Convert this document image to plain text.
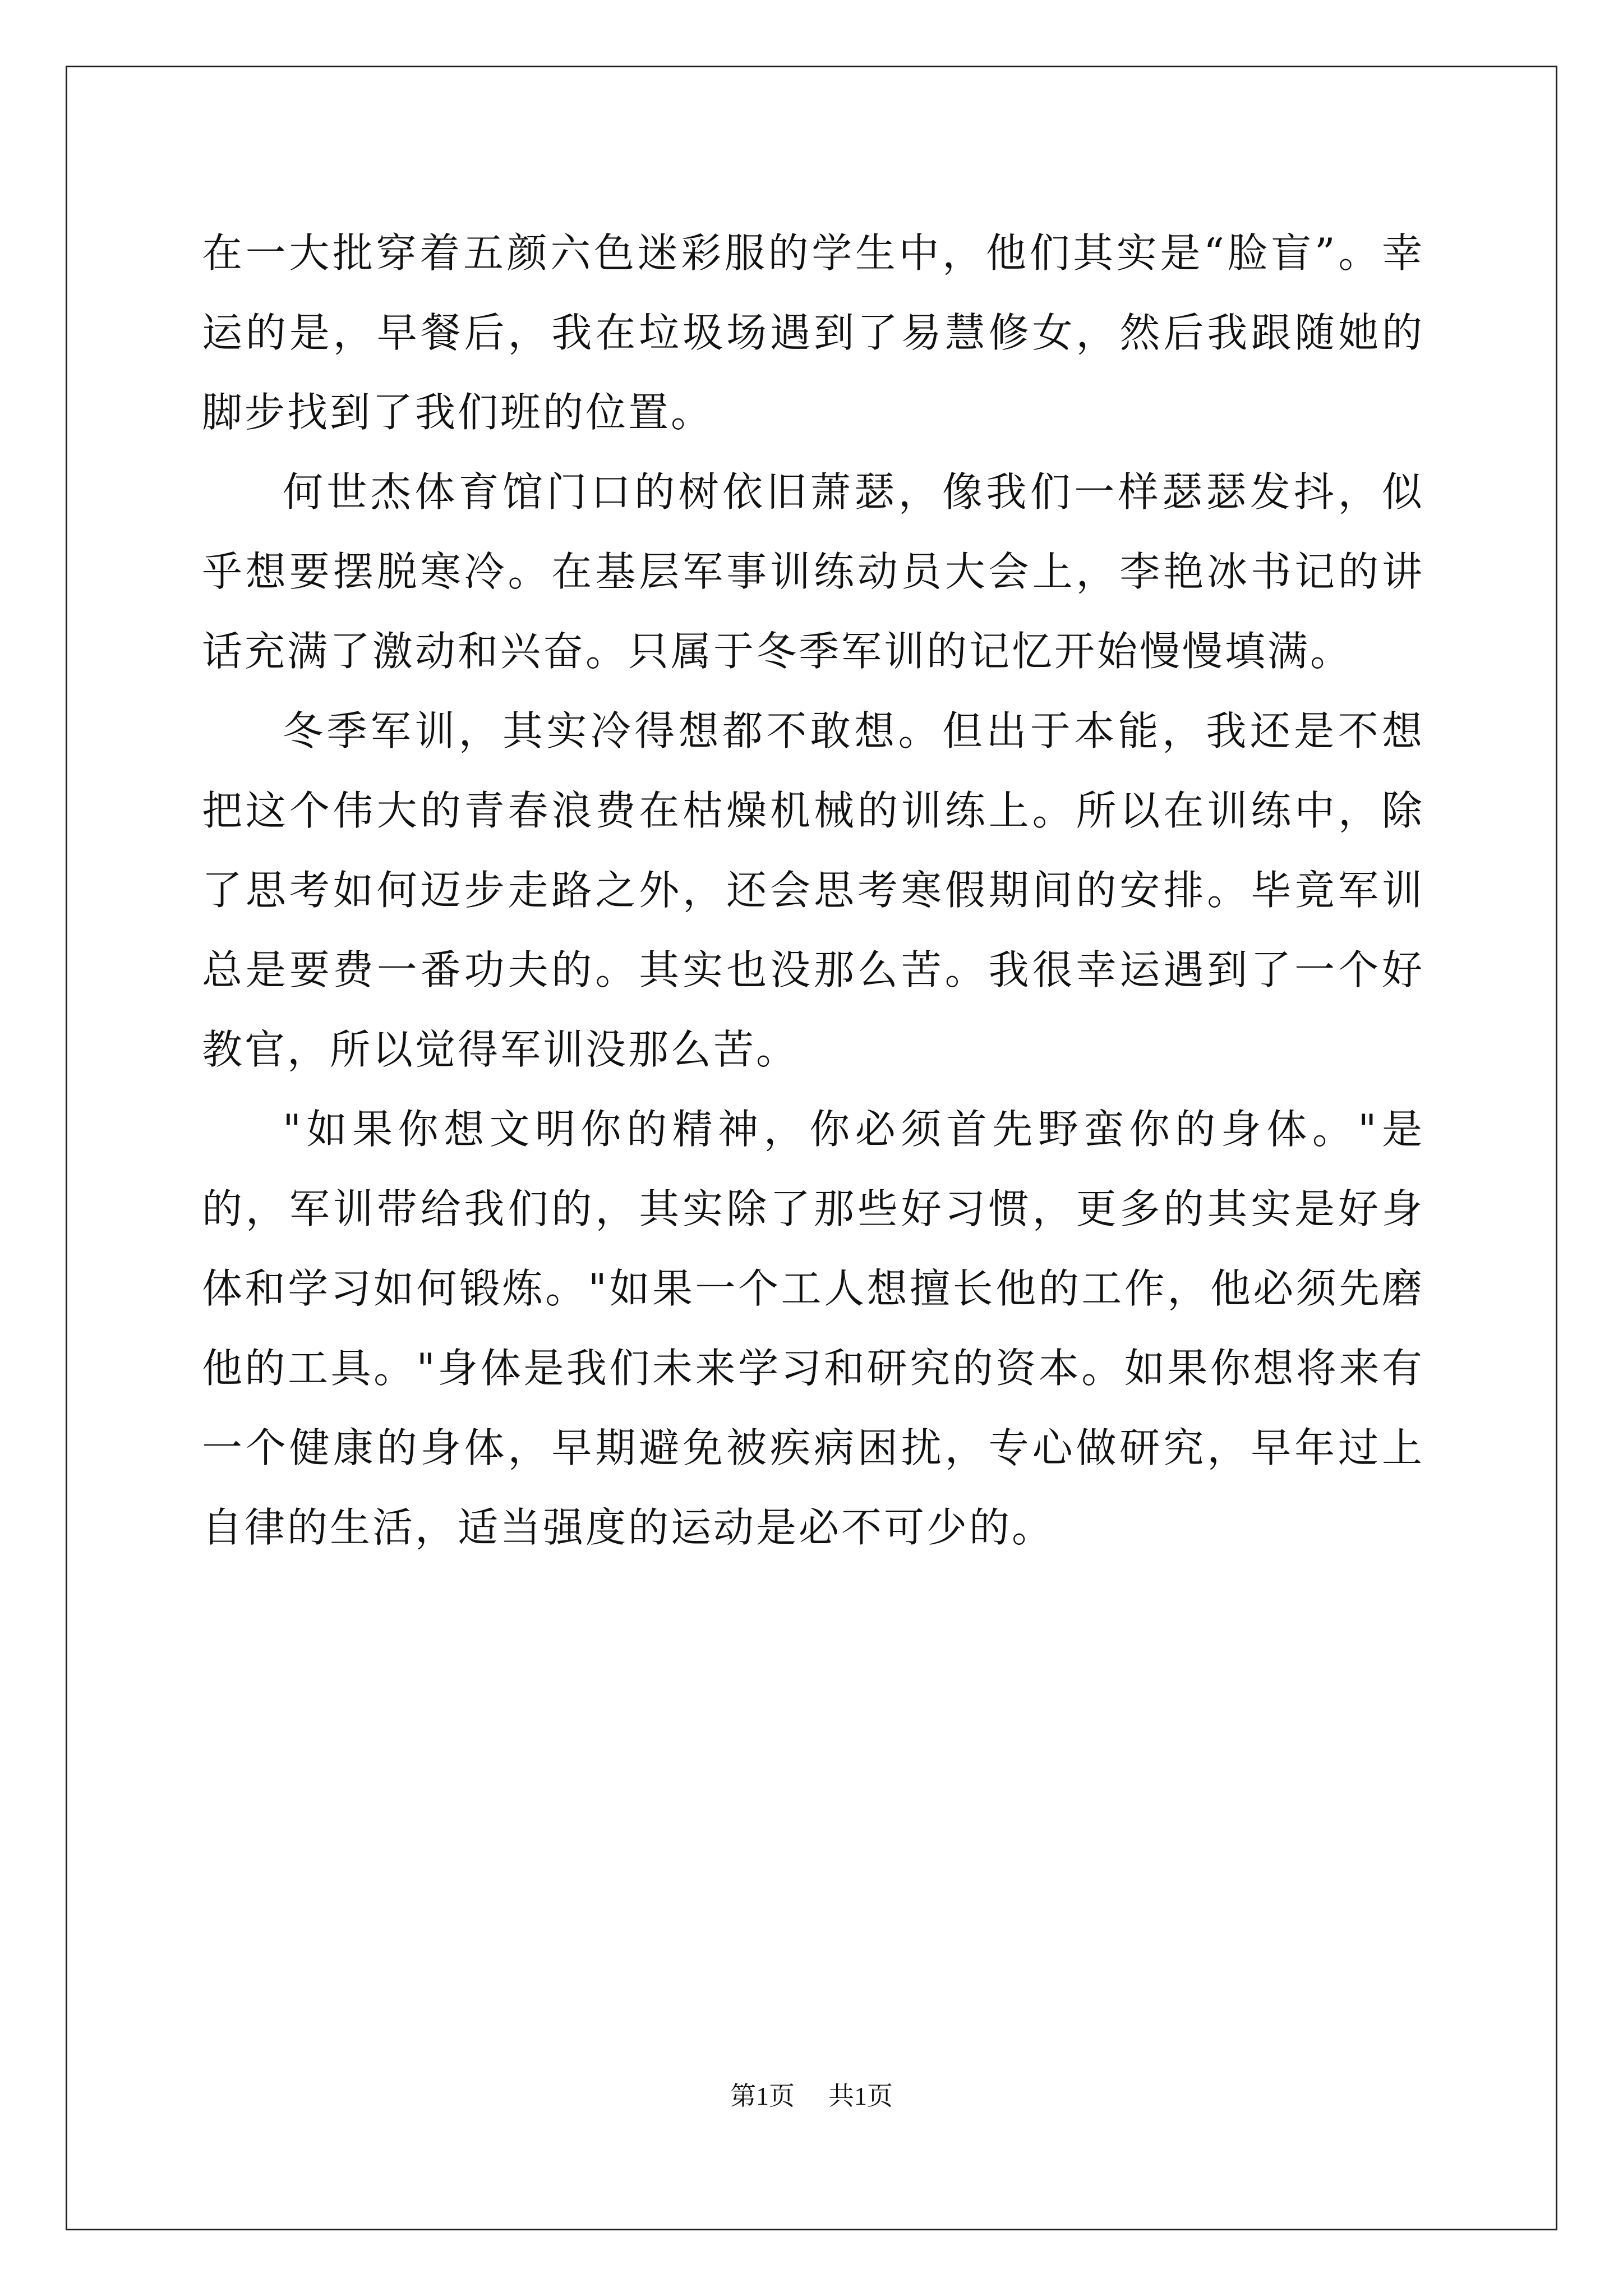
在一大批穿着五颜六色迷彩服的学生中，他们其实是“脸盲”。幸运的是，早餐后，我在垃圾场遇到了易慧修女，然后我跟随她的脚步找到了我们班的位置。

何世杰体育馆门口的树依旧萧瑟，像我们一样瑟瑟发抖，似乎想要摆脱寒冷。在基层军事训练动员大会上，李艳冰书记的讲话充满了激动和兴奋。只属于冬季军训的记忆开始慢慢填满。

冬季军训，其实冷得想都不敢想。但出于本能，我还是不想把这个伟大的青春浪费在枯燥机械的训练上。所以在训练中，除了思考如何迈步走路之外，还会思考寒假期间的安排。毕竟军训总是要费一番功夫的。其实也没那么苦。我很幸运遇到了一个好教官，所以觉得军训没那么苦。

"如果你想文明你的精神，你必须首先野蛮你的身体。"是的，军训带给我们的，其实除了那些好习惯，更多的其实是好身体和学习如何锻炼。"如果一个工人想擅长他的工作，他必须先磨他的工具。"身体是我们未来学习和研究的资本。如果你想将来有一个健康的身体，早期避免被疾病困扰，专心做研究，早年过上自律的生活，适当强度的运动是必不可少的。

第1页 共1页
